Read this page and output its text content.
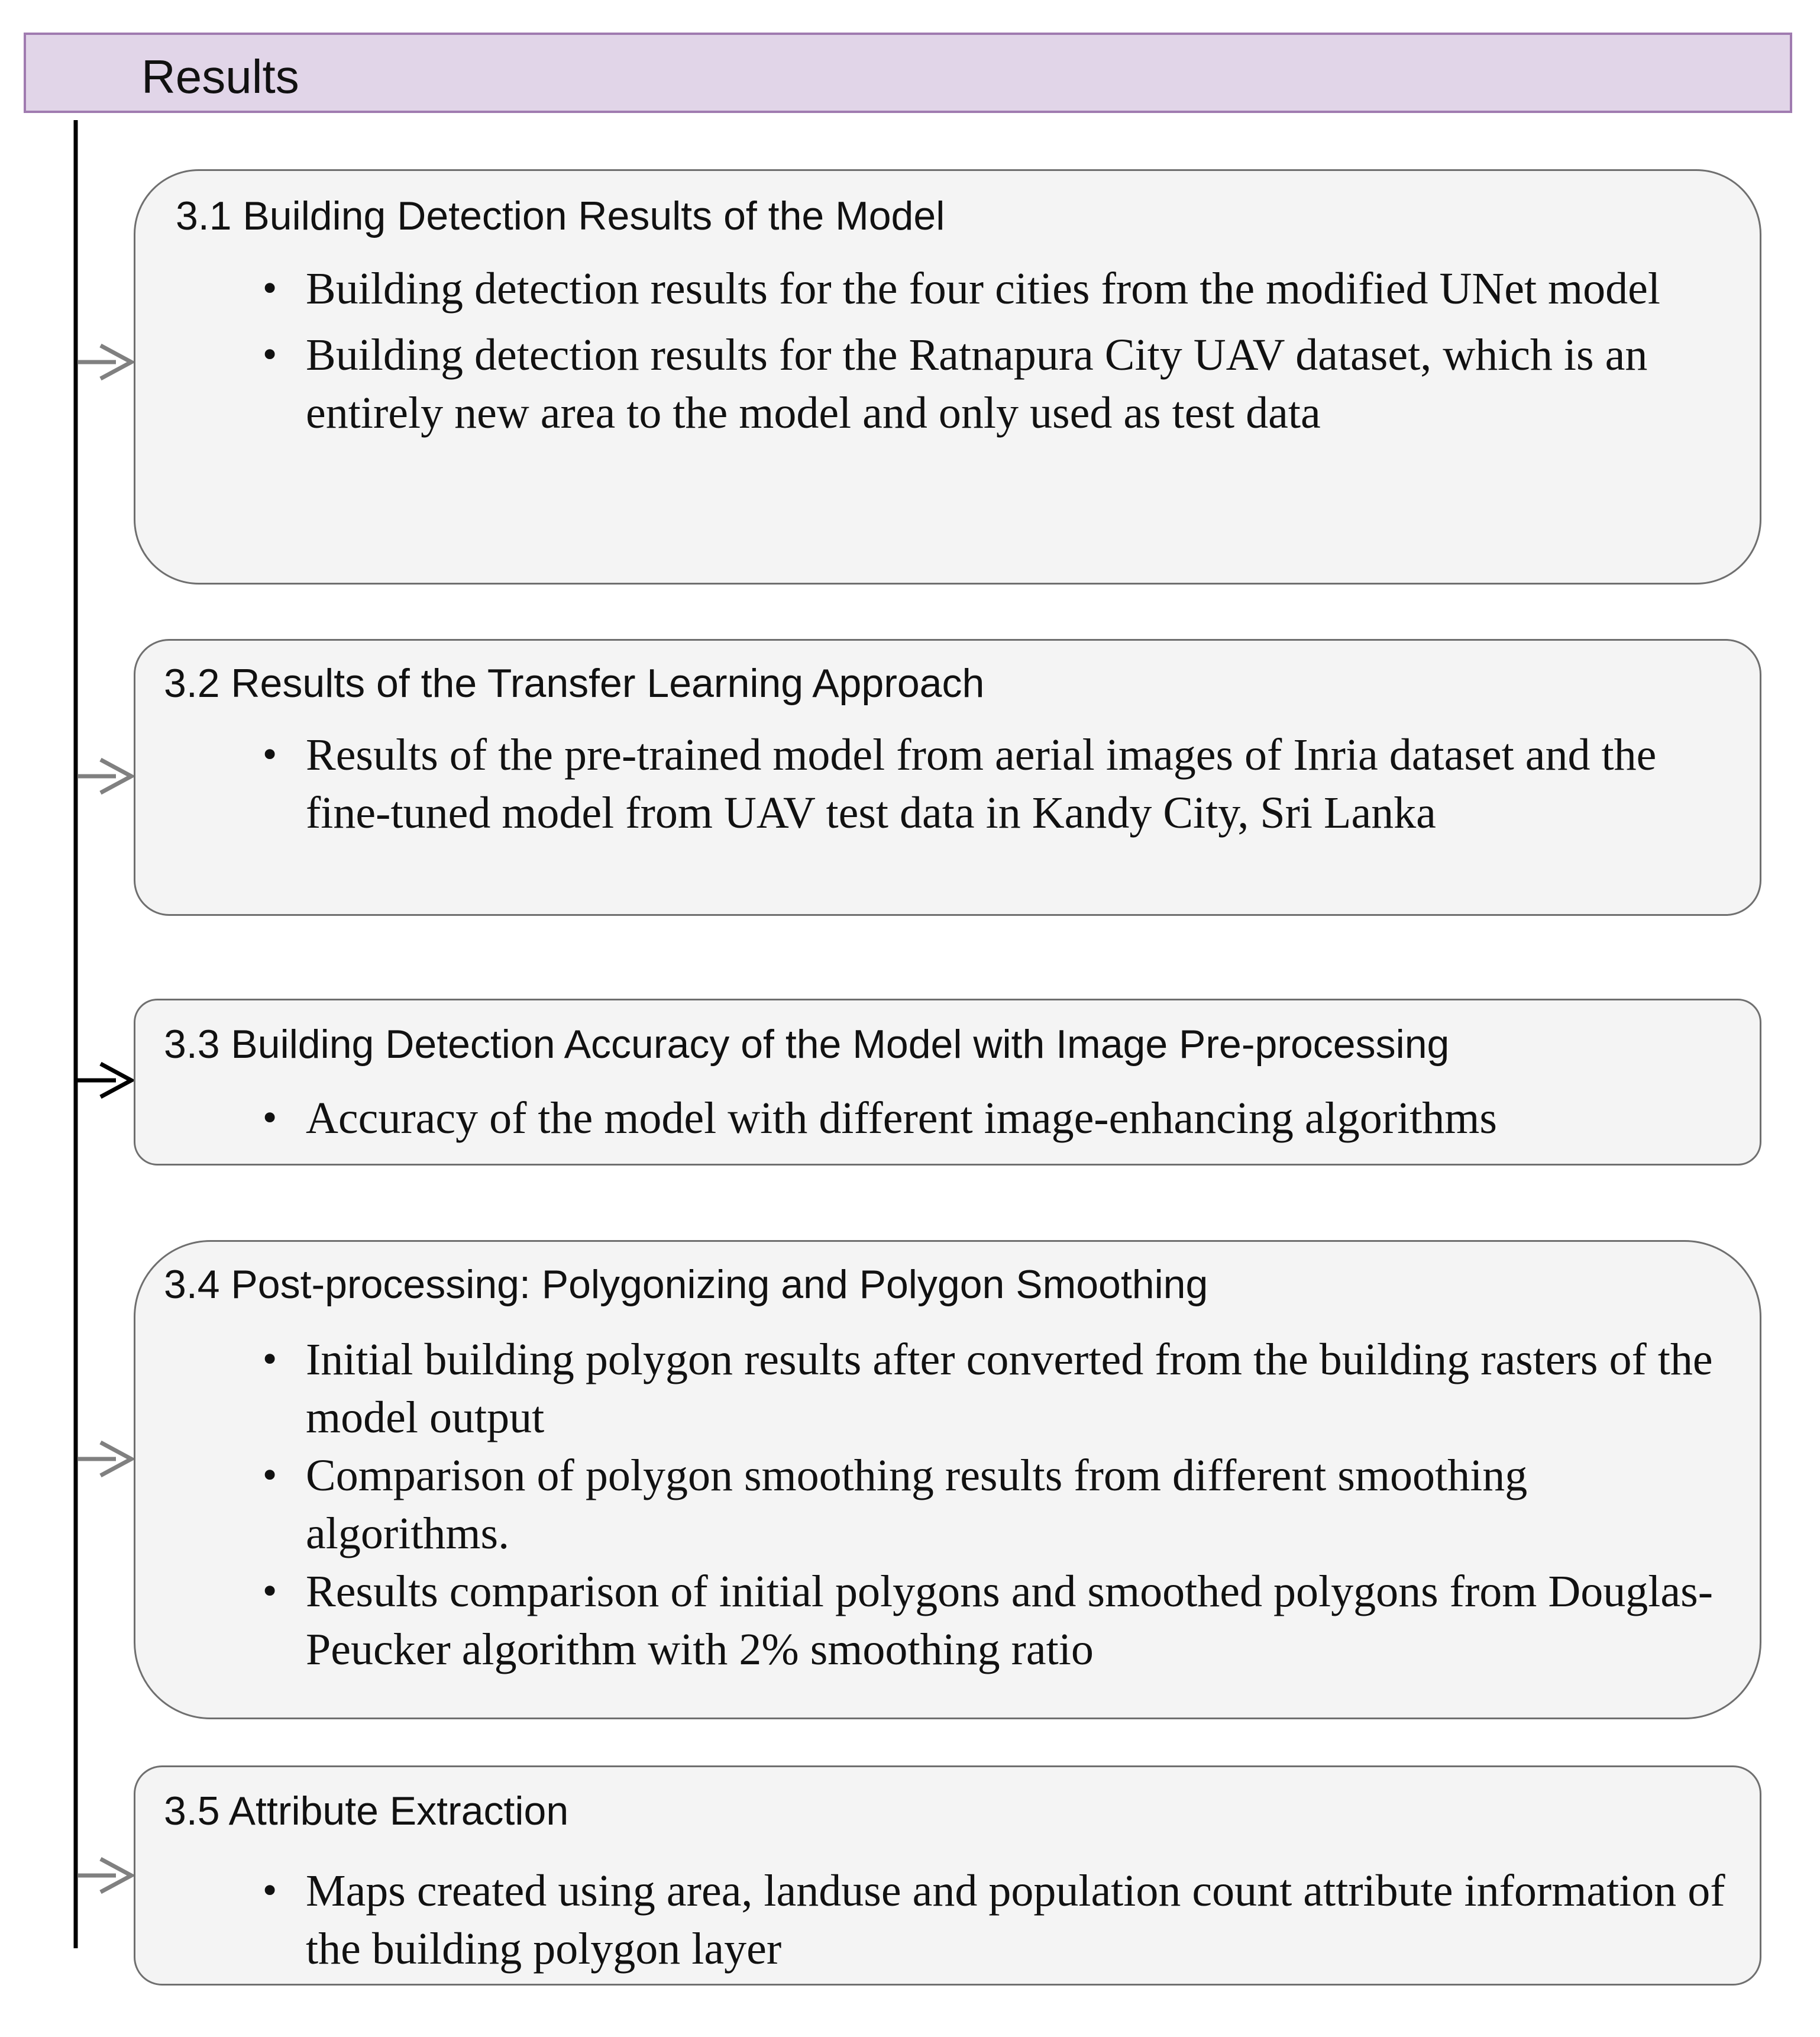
Results
3.1 Building Detection Results of the Model
• Building detection results for the four cities from the modified UNet model
• Building detection results for the Ratnapura City UAV dataset, which is an entirely new area to the model and only used as test data
3.2 Results of the Transfer Learning Approach
• Results of the pre-trained model from aerial images of Inria dataset and the fine-tuned model from UAV test data in Kandy City, Sri Lanka
3.3 Building Detection Accuracy of the Model with Image Pre-processing
• Accuracy of the model with different image-enhancing algorithms
3.4 Post-processing: Polygonizing and Polygon Smoothing
• Initial building polygon results after converted from the building rasters of the model output
• Comparison of polygon smoothing results from different smoothing algorithms.
• Results comparison of initial polygons and smoothed polygons from Douglas-Peucker algorithm with 2% smoothing ratio
3.5 Attribute Extraction
• Maps created using area, landuse and population count attribute information of the building polygon layer
